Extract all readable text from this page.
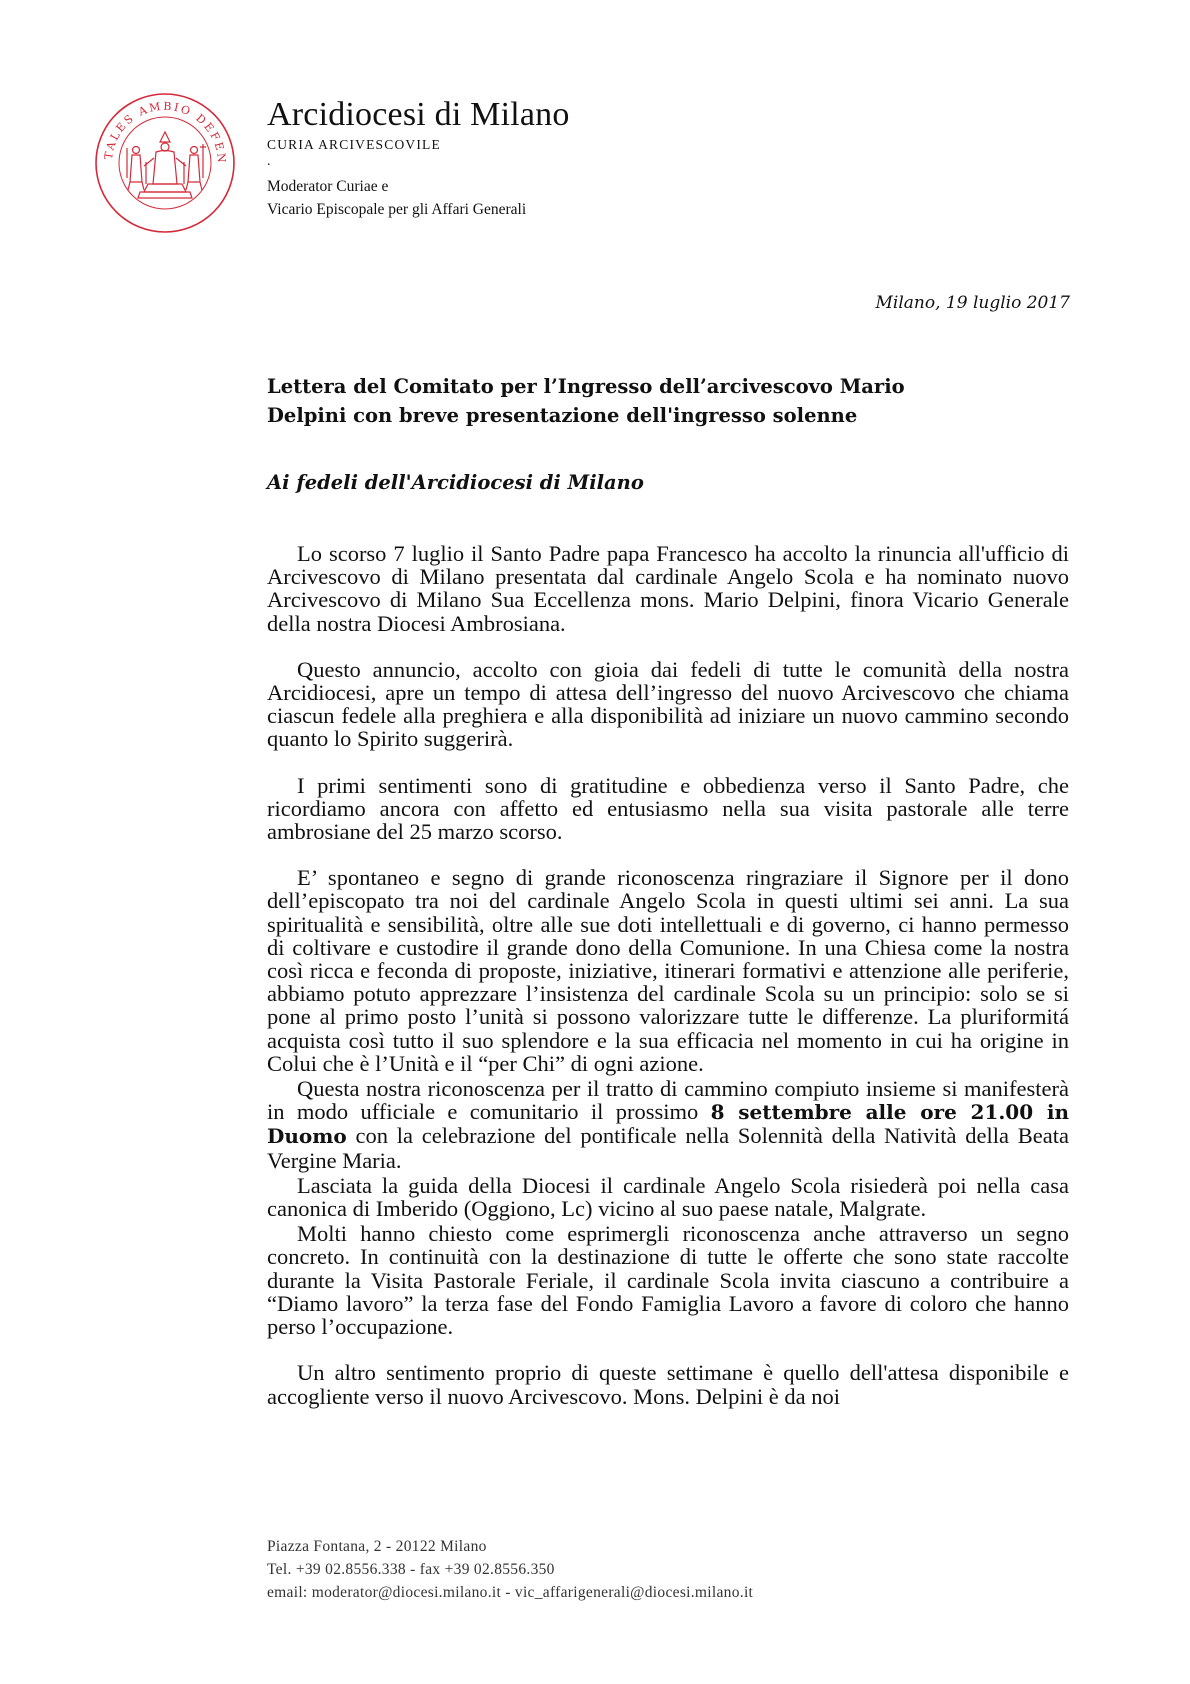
TALES AMBIO DEFEN
Arcidiocesi di Milano
CURIA ARCIVESCOVILE
.
Moderator Curiae e
Vicario Episcopale per gli Affari Generali
Milano, 19 luglio 2017
Lettera del Comitato per l’Ingresso dell’arcivescovo Mario Delpini con breve presentazione dell'ingresso solenne
Ai fedeli dell'Arcidiocesi di Milano

Lo scorso 7 luglio il Santo Padre papa Francesco ha accolto la rinuncia all'ufficio di Arcivescovo di Milano presentata dal cardinale Angelo Scola e ha nominato nuovo Arcivescovo di Milano Sua Eccellenza mons. Mario Delpini, finora Vicario Generale della nostra Diocesi Ambrosiana.

Questo annuncio, accolto con gioia dai fedeli di tutte le comunità della nostra Arcidiocesi, apre un tempo di attesa dell’ingresso del nuovo Arcivescovo che chiama ciascun fedele alla preghiera e alla disponibilità ad iniziare un nuovo cammino secondo quanto lo Spirito suggerirà.

I primi sentimenti sono di gratitudine e obbedienza verso il Santo Padre, che ricordiamo ancora con affetto ed entusiasmo nella sua visita pastorale alle terre ambrosiane del 25 marzo scorso.

E’ spontaneo e segno di grande riconoscenza ringraziare il Signore per il dono dell’episcopato tra noi del cardinale Angelo Scola in questi ultimi sei anni. La sua spiritualità e sensibilità, oltre alle sue doti intellettuali e di governo, ci hanno permesso di coltivare e custodire il grande dono della Comunione. In una Chiesa come la nostra così ricca e feconda di proposte, iniziative, itinerari formativi e attenzione alle periferie, abbiamo potuto apprezzare l’insistenza del cardinale Scola su un principio: solo se si pone al primo posto l’unità si possono valorizzare tutte le differenze. La pluriformitá acquista così tutto il suo splendore e la sua efficacia nel momento in cui ha origine in Colui che è l’Unità e il “per Chi” di ogni azione.

Questa nostra riconoscenza per il tratto di cammino compiuto insieme si manifesterà in modo ufficiale e comunitario il prossimo 8 settembre alle ore 21.00 in Duomo con la celebrazione del pontificale nella Solennità della Natività della Beata Vergine Maria.

Lasciata la guida della Diocesi il cardinale Angelo Scola risiederà poi nella casa canonica di Imberido (Oggiono, Lc) vicino al suo paese natale, Malgrate.

Molti hanno chiesto come esprimergli riconoscenza anche attraverso un segno concreto. In continuità con la destinazione di tutte le offerte che sono state raccolte durante la Visita Pastorale Feriale, il cardinale Scola invita ciascuno a contribuire a “Diamo lavoro” la terza fase del Fondo Famiglia Lavoro a favore di coloro che hanno perso l’occupazione.

Un altro sentimento proprio di queste settimane è quello dell'attesa disponibile e accogliente verso il nuovo Arcivescovo. Mons. Delpini è da noi

Piazza Fontana, 2 - 20122 Milano
Tel. +39 02.8556.338 - fax +39 02.8556.350
email: moderator@diocesi.milano.it - vic_affarigenerali@diocesi.milano.it
